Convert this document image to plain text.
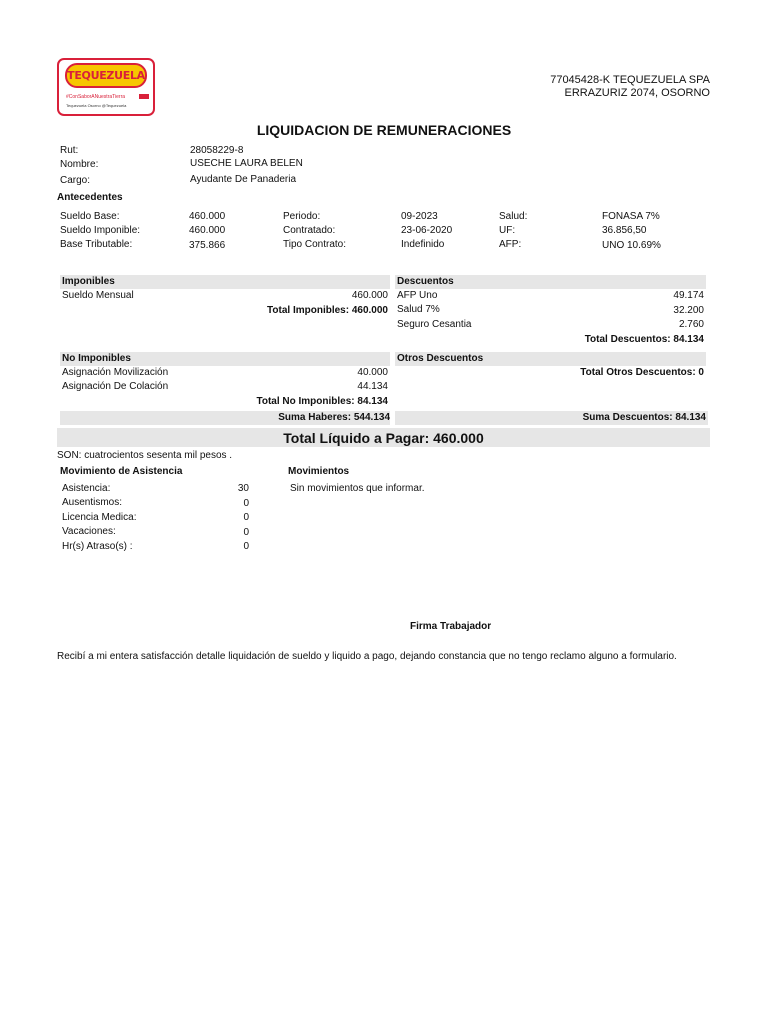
TEQUEZUELA
#ConSaborANuestraTierra
Tequezuela Osorno @Tequezuela
77045428-K TEQUEZUELA SPA
ERRAZURIZ 2074, OSORNO
LIQUIDACION DE REMUNERACIONES
Rut:	28058229-8
Nombre:	USECHE LAURA BELEN
Cargo:	Ayudante De Panaderia
Antecedentes
Sueldo Base:	460.000	Periodo:	09-2023	Salud:	FONASA 7%
Sueldo Imponible:	460.000	Contratado:	23-06-2020	UF:	36.856,50
Base Tributable:	375.866	Tipo Contrato:	Indefinido	AFP:	UNO 10.69%
Imponibles	Descuentos
Sueldo Mensual	460.000
Total Imponibles: 460.000
AFP Uno	49.174
Salud 7%	32.200
Seguro Cesantia	2.760
Total Descuentos: 84.134
No Imponibles	Otros Descuentos
Asignación Movilización	40.000
Asignación De Colación	44.134
Total No Imponibles: 84.134
Total Otros Descuentos: 0
Suma Haberes: 544.134	Suma Descuentos: 84.134
Total Líquido a Pagar: 460.000
SON: cuatrocientos sesenta mil pesos .
Movimiento de Asistencia
Asistencia:	30
Ausentismos:	0
Licencia Medica:	0
Vacaciones:	0
Hr(s) Atraso(s) :	0
Movimientos
Sin movimientos que informar.
Firma Trabajador
Recibí a mi entera satisfacción detalle liquidación de sueldo y liquido a pago, dejando constancia que no tengo reclamo alguno a formulario.
